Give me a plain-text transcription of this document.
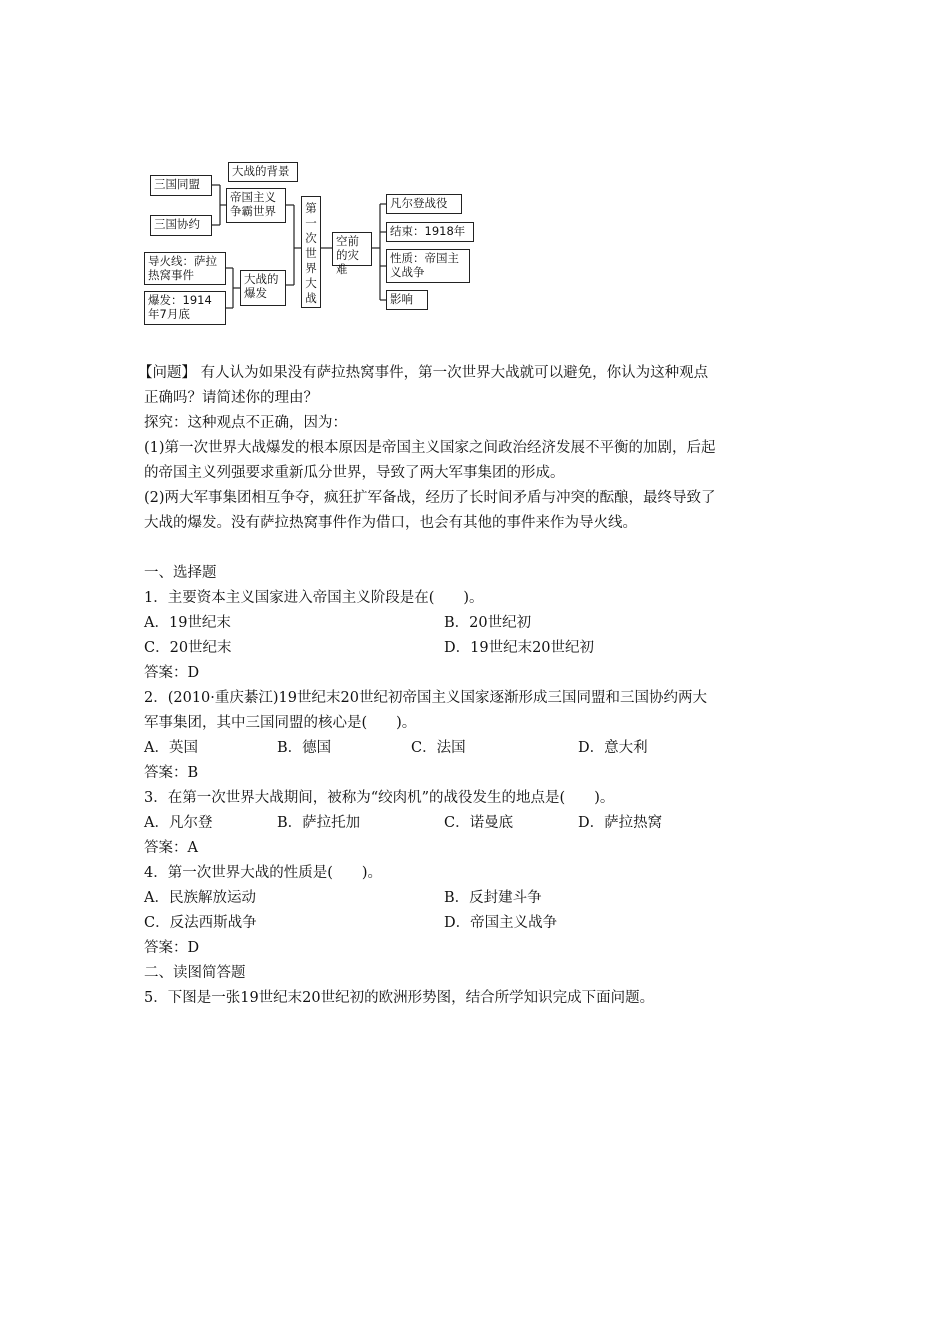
三国同盟
三国协约
大战的背景
帝国主义争霸世界
导火线：萨拉热窝事件
爆发：1914年7月底
大战的爆发
第一次世界大战
空前的灾难
凡尔登战役
结束：1918年
性质：帝国主义战争
影响
【问题】 有人认为如果没有萨拉热窝事件，第一次世界大战就可以避免，你认为这种观点
正确吗？请简述你的理由？
探究：这种观点不正确，因为：
(1)第一次世界大战爆发的根本原因是帝国主义国家之间政治经济发展不平衡的加剧，后起
的帝国主义列强要求重新瓜分世界，导致了两大军事集团的形成。
(2)两大军事集团相互争夺，疯狂扩军备战，经历了长时间矛盾与冲突的酝酿，最终导致了
大战的爆发。没有萨拉热窝事件作为借口，也会有其他的事件来作为导火线。
一、选择题
1．主要资本主义国家进入帝国主义阶段是在(　　)。
A．19世纪末	B．20世纪初
C．20世纪末	D．19世纪末20世纪初
答案：D
2．(2010·重庆綦江)19世纪末20世纪初帝国主义国家逐渐形成三国同盟和三国协约两大
军事集团，其中三国同盟的核心是(　　)。
A．英国	B．德国	C．法国	D．意大利
答案：B
3．在第一次世界大战期间，被称为“绞肉机”的战役发生的地点是(　　)。
A．凡尔登	B．萨拉托加	C．诺曼底	D．萨拉热窝
答案：A
4．第一次世界大战的性质是(　　)。
A．民族解放运动	B．反封建斗争
C．反法西斯战争	D．帝国主义战争
答案：D
二、读图简答题
5．下图是一张19世纪末20世纪初的欧洲形势图，结合所学知识完成下面问题。
